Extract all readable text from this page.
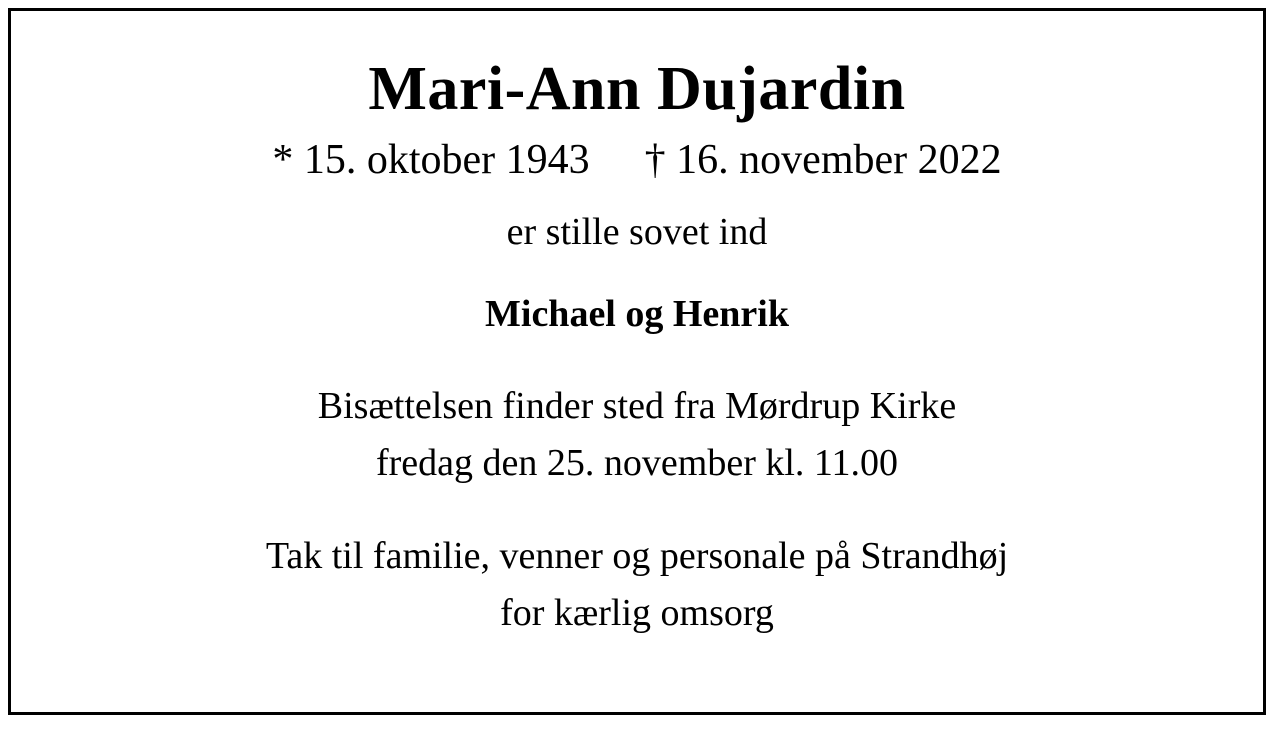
Mari-Ann Dujardin
* 15. oktober 1943 † 16. november 2022
er stille sovet ind
Michael og Henrik
Bisættelsen finder sted fra Mørdrup Kirke
fredag den 25. november kl. 11.00
Tak til familie, venner og personale på Strandhøj
for kærlig omsorg
